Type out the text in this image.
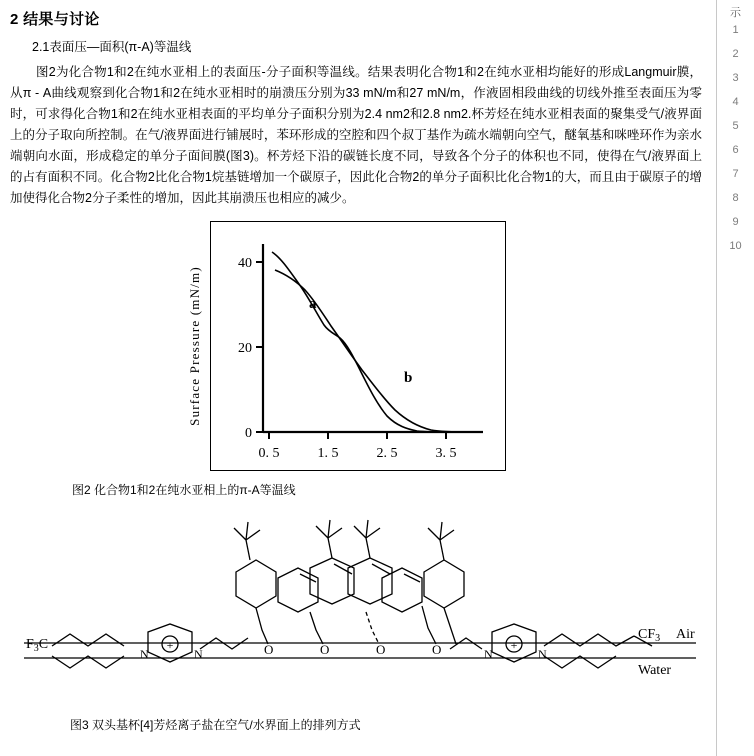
2 结果与讨论
2.1表面压—面积(π-A)等温线

图2为化合物1和2在纯水亚相上的表面压-分子面积等温线。结果表明化合物1和2在纯水亚相均能好的形成Langmuir膜，从π - A曲线观察到化合物1和2在纯水亚相时的崩溃压分别为33 mN/m和27 mN/m，作液固相段曲线的切线外推至表面压为零时，可求得化合物1和2在纯水亚相表面的平均单分子面积分别为2.4 nm2和2.8 nm2.杯芳烃在纯水亚相表面的聚集受气/液界面上的分子取向所控制。在气/液界面进行铺展时，苯环形成的空腔和四个叔丁基作为疏水端朝向空气，醚氧基和咪唑环作为亲水端朝向水面，形成稳定的单分子面间膜(图3)。杯芳烃下沿的碳链长度不同，导致各个分子的体积也不同，使得在气/液界面上的占有面积不同。化合物2比化合物1烷基链增加一个碳原子，因此化合物2的单分子面积比化合物1的大，而且由于碳原子的增加使得化合物2分子柔性的增加，因此其崩溃压也相应的减少。

Surface Pressure (mN/m)
0
20
40
0. 5	1. 5	2. 5	3. 5
a
b
图2 化合物1和2在纯水亚相上的π-A等温线
+
N	N	O	O	O	O	+
N	N
$F_3C$
$CF_3$ Air
Water
图3 双头基杯[4]芳烃离子盐在空气/水界面上的排列方式
示
1
2
3
4
5
6
7
8
9
10
